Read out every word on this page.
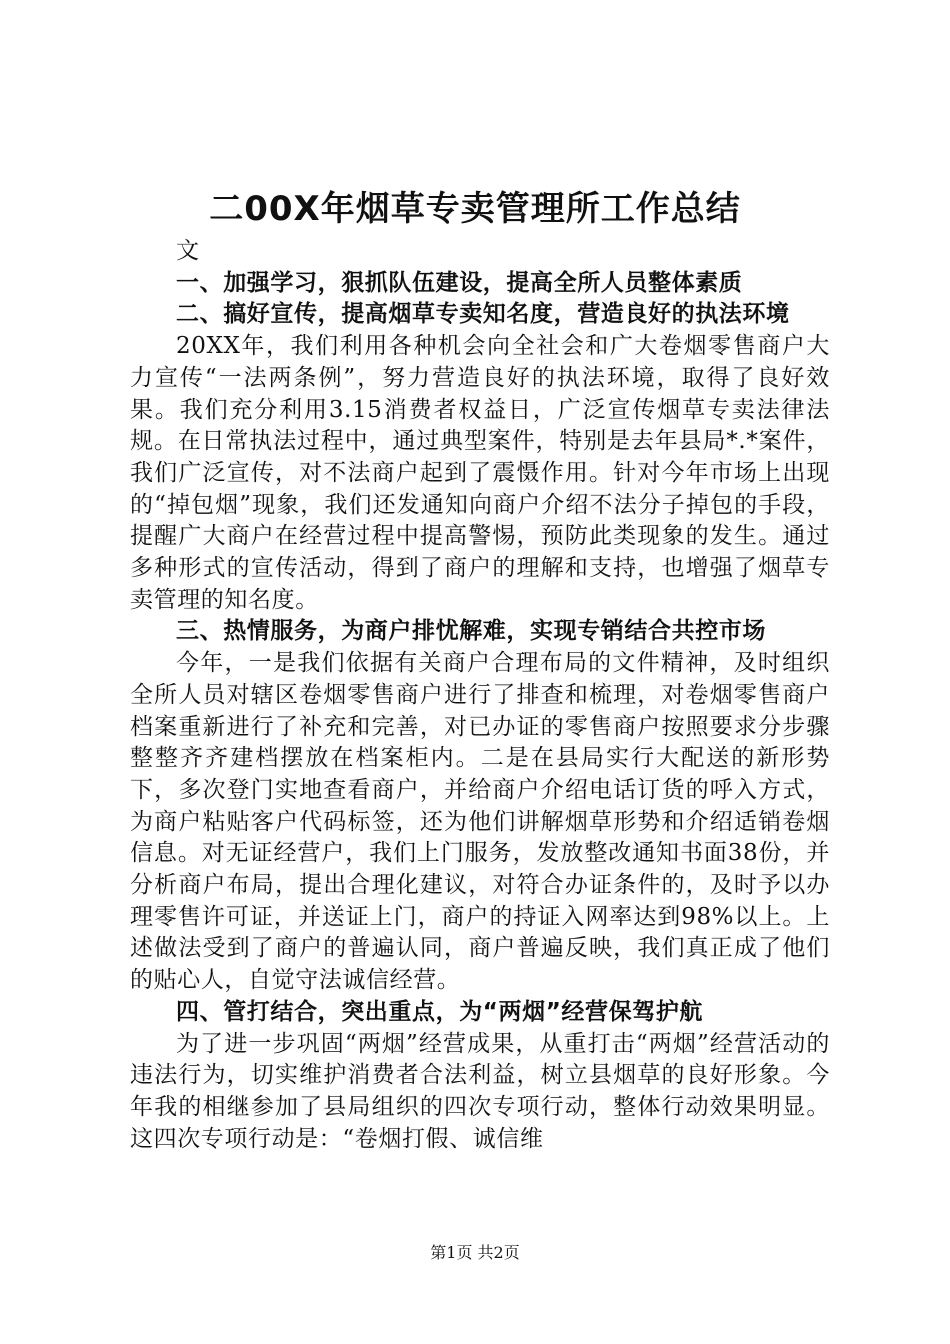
二00X年烟草专卖管理所工作总结

文

一、加强学习，狠抓队伍建设，提高全所人员整体素质

二、搞好宣传，提高烟草专卖知名度，营造良好的执法环境

20XX年，我们利用各种机会向全社会和广大卷烟零售商户大力宣传“一法两条例”，努力营造良好的执法环境，取得了良好效果。我们充分利用3.15消费者权益日，广泛宣传烟草专卖法律法规。在日常执法过程中，通过典型案件，特别是去年县局*.*案件，我们广泛宣传，对不法商户起到了震慑作用。针对今年市场上出现的“掉包烟”现象，我们还发通知向商户介绍不法分子掉包的手段，提醒广大商户在经营过程中提高警惕，预防此类现象的发生。通过多种形式的宣传活动，得到了商户的理解和支持，也增强了烟草专卖管理的知名度。

三、热情服务，为商户排忧解难，实现专销结合共控市场

今年，一是我们依据有关商户合理布局的文件精神，及时组织全所人员对辖区卷烟零售商户进行了排查和梳理，对卷烟零售商户档案重新进行了补充和完善，对已办证的零售商户按照要求分步骤整整齐齐建档摆放在档案柜内。二是在县局实行大配送的新形势下，多次登门实地查看商户，并给商户介绍电话订货的呼入方式，为商户粘贴客户代码标签，还为他们讲解烟草形势和介绍适销卷烟信息。对无证经营户，我们上门服务，发放整改通知书面38份，并分析商户布局，提出合理化建议，对符合办证条件的，及时予以办理零售许可证，并送证上门，商户的持证入网率达到98%以上。上述做法受到了商户的普遍认同，商户普遍反映，我们真正成了他们的贴心人，自觉守法诚信经营。

四、管打结合，突出重点，为“两烟”经营保驾护航

为了进一步巩固“两烟”经营成果，从重打击“两烟”经营活动的违法行为，切实维护消费者合法利益，树立县烟草的良好形象。今年我的相继参加了县局组织的四次专项行动，整体行动效果明显。这四次专项行动是：“卷烟打假、诚信维

第1页 共2页
